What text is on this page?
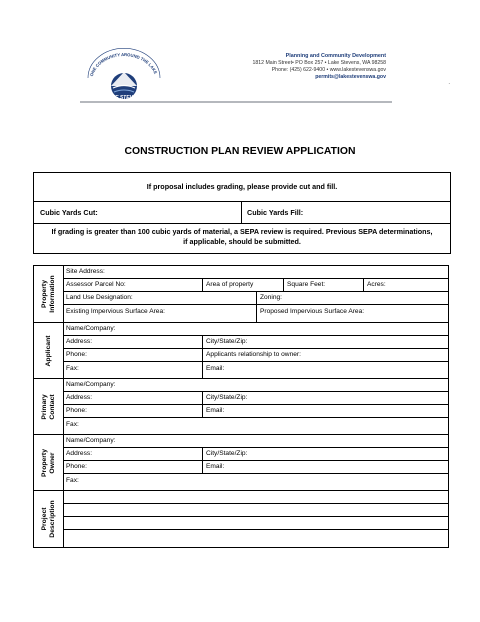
ONE COMMUNITY AROUND THE LAKE
LAKE STEVENS
Planning and Community Development
1812 Main Street• PO Box 257 • Lake Stevens, WA 98258
Phone: (425) 622-9400 • www.lakestevenswa.gov
permits@lakestevenswa.gov
.
CONSTRUCTION PLAN REVIEW APPLICATION
If proposal includes grading, please provide cut and fill.
Cubic Yards Cut:	Cubic Yards Fill:
If grading is greater than 100 cubic yards of material, a SEPA review is required. Previous SEPA determinations,
if applicable, should be submitted.
Property Information
Site Address:
Assessor Parcel No:	Area of property	Square Feet:	Acres:
Land Use Designation:	Zoning:
Existing Impervious Surface Area:	Proposed Impervious Surface Area:
Applicant
Name/Company:
Address:	City/State/Zip:
Phone:	Applicants relationship to owner:
Fax:	Email:
Primary Contact
Name/Company:
Address:	City/State/Zip:
Phone:	Email:
Fax:
Property Owner
Name/Company:
Address:	City/State/Zip:
Phone:	Email:
Fax:
Project Description
